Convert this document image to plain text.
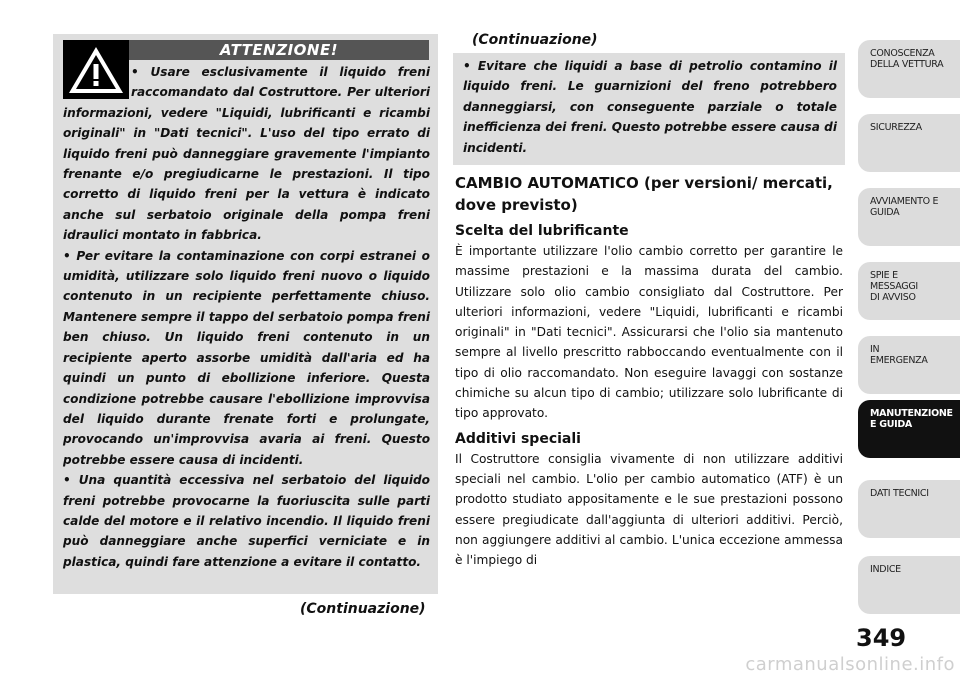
ATTENZIONE!

• Usare esclusivamente il liquido freni raccomandato dal Costruttore. Per ulteriori informazioni, vedere "Liquidi, lubrificanti e ricambi originali" in "Dati tecnici". L'uso del tipo errato di liquido freni può danneggiare gravemente l'impianto frenante e/o pregiudicarne le prestazioni. Il tipo corretto di liquido freni per la vettura è indicato anche sul serbatoio originale della pompa freni idraulici montato in fabbrica.

• Per evitare la contaminazione con corpi estranei o umidità, utilizzare solo liquido freni nuovo o liquido contenuto in un recipiente perfettamente chiuso. Mantenere sempre il tappo del serbatoio pompa freni ben chiuso. Un liquido freni contenuto in un recipiente aperto assorbe umidità dall'aria ed ha quindi un punto di ebollizione inferiore. Questa condizione potrebbe causare l'ebollizione improvvisa del liquido durante frenate forti e prolungate, provocando un'improvvisa avaria ai freni. Questo potrebbe essere causa di incidenti.

• Una quantità eccessiva nel serbatoio del liquido freni potrebbe provocarne la fuoriuscita sulle parti calde del motore e il relativo incendio. Il liquido freni può danneggiare anche superfici verniciate e in plastica, quindi fare attenzione a evitare il contatto.

(Continuazione)
(Continuazione)

• Evitare che liquidi a base di petrolio contamino il liquido freni. Le guarnizioni del freno potrebbero danneggiarsi, con conseguente parziale o totale inefficienza dei freni. Questo potrebbe essere causa di incidenti.

CAMBIO AUTOMATICO (per versioni/ mercati, dove previsto)
Scelta del lubrificante

È importante utilizzare l'olio cambio corretto per garantire le massime prestazioni e la massima durata del cambio. Utilizzare solo olio cambio consigliato dal Costruttore. Per ulteriori informazioni, vedere "Liquidi, lubrificanti e ricambi originali" in "Dati tecnici". Assicurarsi che l'olio sia mantenuto sempre al livello prescritto rabboccando eventualmente con il tipo di olio raccomandato. Non eseguire lavaggi con sostanze chimiche su alcun tipo di cambio; utilizzare solo lubrificante di tipo approvato.

Additivi speciali

Il Costruttore consiglia vivamente di non utilizzare additivi speciali nel cambio. L'olio per cambio automatico (ATF) è un prodotto studiato appositamente e le sue prestazioni possono essere pregiudicate dall'aggiunta di ulteriori additivi. Perciò, non aggiungere additivi al cambio. L'unica eccezione ammessa è l'impiego di

CONOSCENZA
DELLA VETTURA
SICUREZZA
AVVIAMENTO E
GUIDA
SPIE E
MESSAGGI
DI AVVISO
IN
EMERGENZA
MANUTENZIONE
E GUIDA
DATI TECNICI
INDICE
349
carmanualsonline.info
